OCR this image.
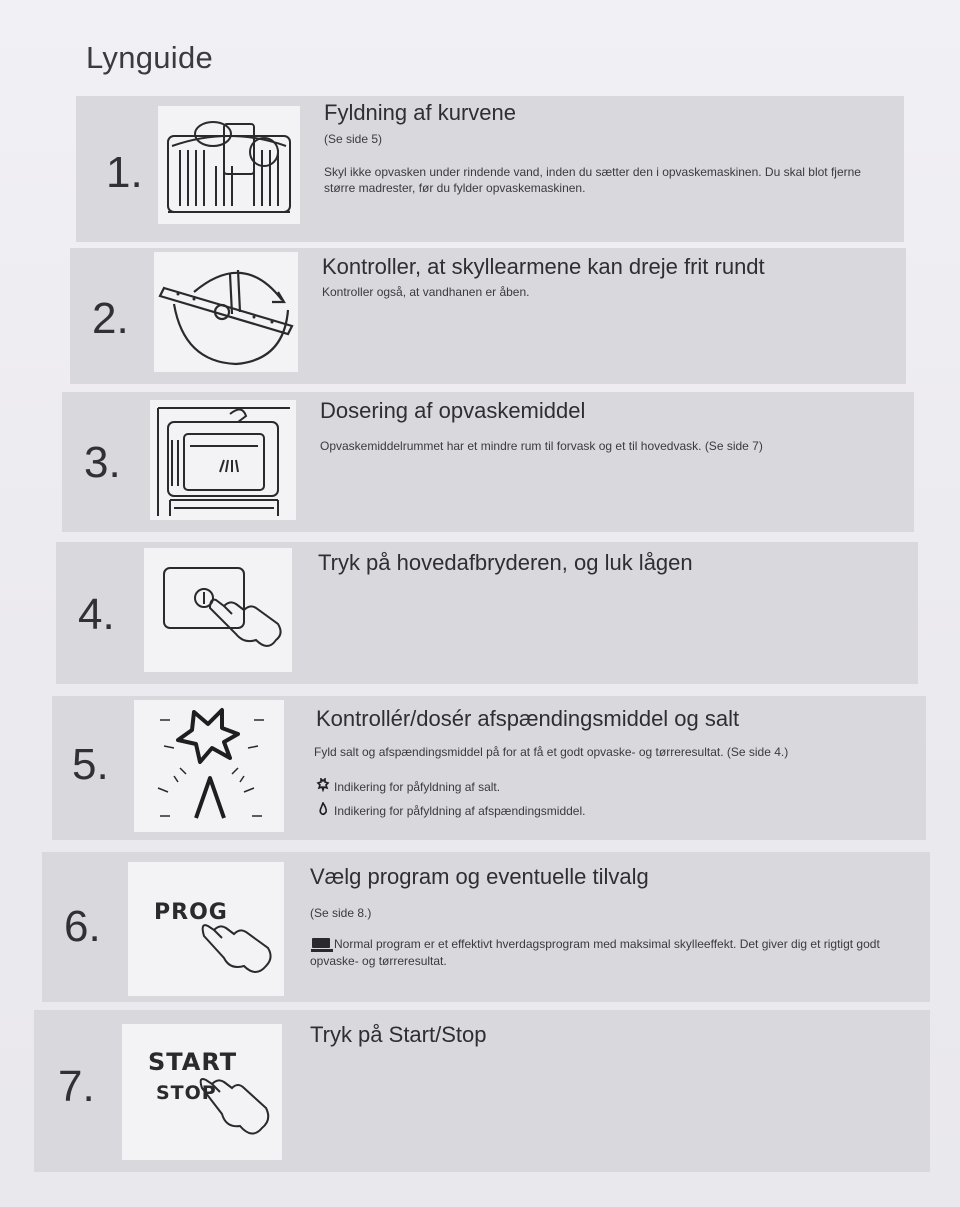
Lynguide
1.
Fyldning af kurvene
(Se side 5)
Skyl ikke opvasken under rindende vand, inden du sætter den i opvaskemaskinen. Du skal blot fjerne større madrester, før du fylder opvaskemaskinen.
2.
Kontroller, at skyllearmene kan dreje frit rundt
Kontroller også, at vandhanen er åben.
3.
Dosering af opvaskemiddel
Opvaskemiddelrummet har et mindre rum til forvask og et til hovedvask. (Se side 7)
4.
Tryk på hovedafbryderen, og luk lågen
5.
Kontrollér/dosér afspændingsmiddel og salt
Fyld salt og afspændingsmiddel på for at få et godt opvaske- og tørreresultat. (Se side 4.)
Indikering for påfyldning af salt.
Indikering for påfyldning af afspændingsmiddel.
6. PROG
Vælg program og eventuelle tilvalg
(Se side 8.)
Normal program er et effektivt hverdagsprogram med maksimal skylleeffekt. Det giver dig et rigtigt godt opvaske- og tørreresultat.
7. START
STOP
Tryk på Start/Stop
